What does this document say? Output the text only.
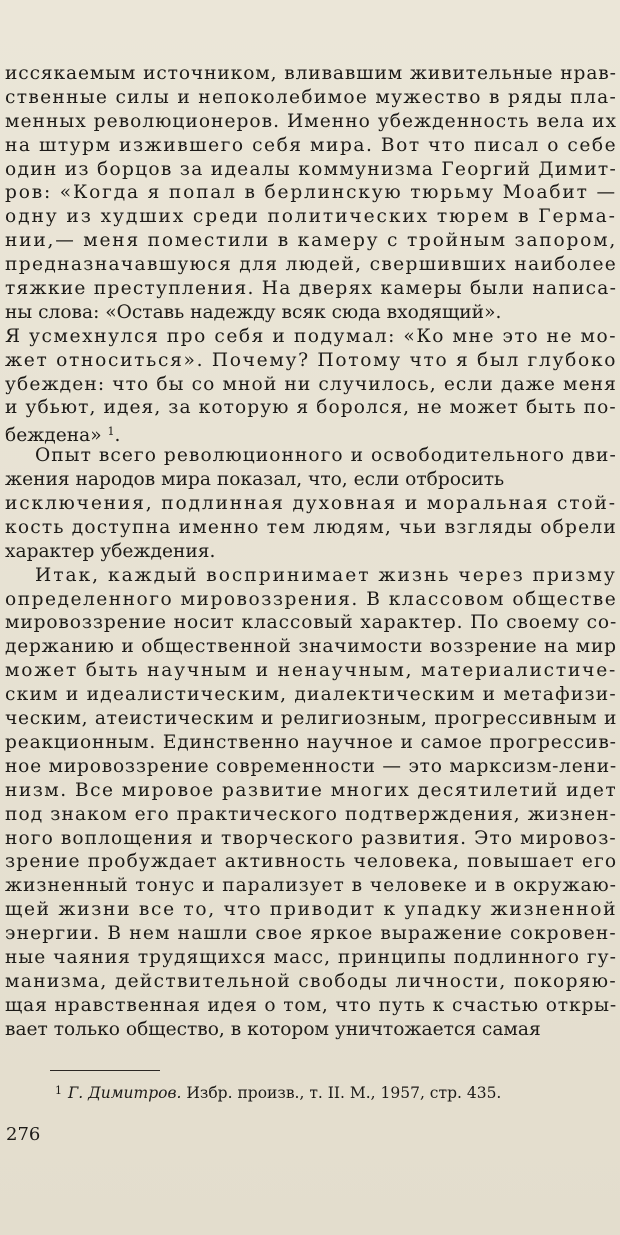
иссякаемым источником, вливавшим живительные нрав-
ственные силы и непоколебимое мужество в ряды пла-
менных революционеров. Именно убежденность вела их
на штурм изжившего себя мира. Вот что писал о себе
один из борцов за идеалы коммунизма Георгий Димит-
ров: «Когда я попал в берлинскую тюрьму Моабит —
одну из худших среди политических тюрем в Герма-
нии,— меня поместили в камеру с тройным запором,
предназначавшуюся для людей, свершивших наиболее
тяжкие преступления. На дверях камеры были написа-
ны слова: «Оставь надежду всяк сюда входящий».
Я усмехнулся про себя и подумал: «Ко мне это не мо-
жет относиться». Почему? Потому что я был глубоко
убежден: что бы со мной ни случилось, если даже меня
и убьют, идея, за которую я боролся, не может быть по-
беждена» $^1$.
Опыт всего революционного и освободительного дви-
жения народов мира показал, что, если отбросить
исключения, подлинная духовная и моральная стой-
кость доступна именно тем людям, чьи взгляды обрели
характер убеждения.
Итак, каждый воспринимает жизнь через призму
определенного мировоззрения. В классовом обществе
мировоззрение носит классовый характер. По своему со-
держанию и общественной значимости воззрение на мир
может быть научным и ненаучным, материалистиче-
ским и идеалистическим, диалектическим и метафизи-
ческим, атеистическим и религиозным, прогрессивным и
реакционным. Единственно научное и самое прогрессив-
ное мировоззрение современности — это марксизм-лени-
низм. Все мировое развитие многих десятилетий идет
под знаком его практического подтверждения, жизнен-
ного воплощения и творческого развития. Это мировоз-
зрение пробуждает активность человека, повышает его
жизненный тонус и парализует в человеке и в окружаю-
щей жизни все то, что приводит к упадку жизненной
энергии. В нем нашли свое яркое выражение сокровен-
ные чаяния трудящихся масс, принципы подлинного гу-
манизма, действительной свободы личности, покоряю-
щая нравственная идея о том, что путь к счастью откры-
вает только общество, в котором уничтожается самая
$^1$ Г. Димитров. Избр. произв., т. II. М., 1957, стр. 435.
276
